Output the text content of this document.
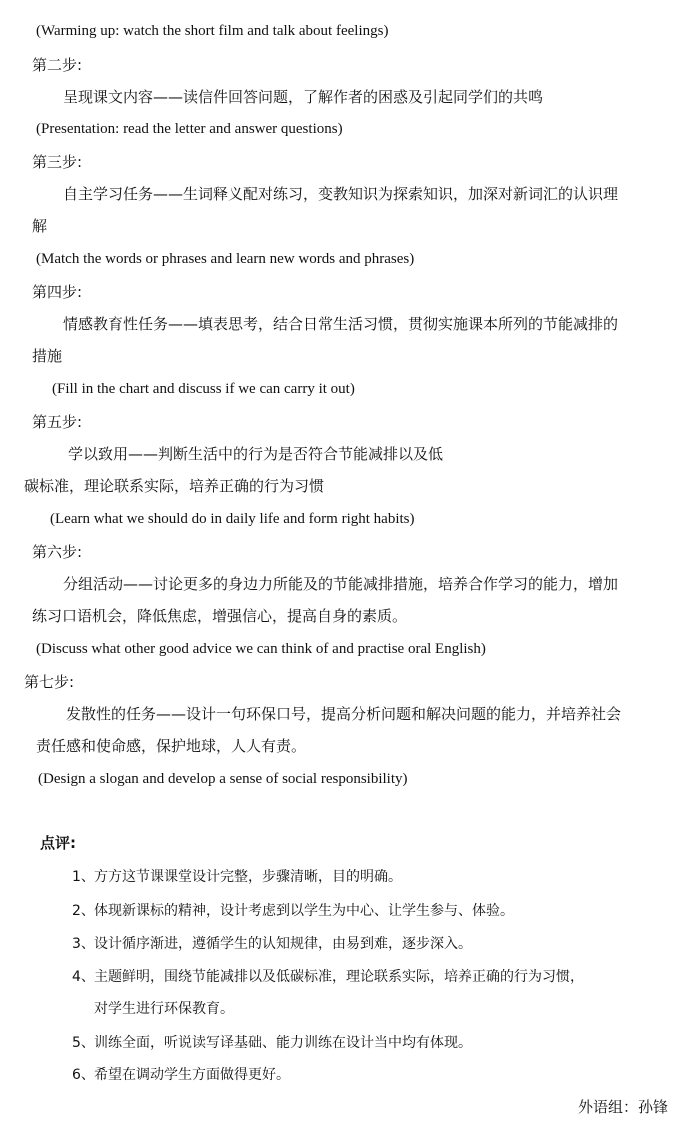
(Warming up: watch the short film and talk about feelings)
第二步:
呈现课文内容——读信件回答问题，了解作者的困惑及引起同学们的共鸣
(Presentation: read the letter and answer questions)
第三步:
自主学习任务——生词释义配对练习，变教知识为探索知识，加深对新词汇的认识理
解
(Match the words or phrases and learn new words and phrases)
第四步:
情感教育性任务——填表思考，结合日常生活习惯，贯彻实施课本所列的节能减排的
措施
(Fill in the chart and discuss if we can carry it out)
第五步:
学以致用——判断生活中的行为是否符合节能减排以及低
碳标准，理论联系实际，培养正确的行为习惯
(Learn what we should do in daily life and form right habits)
第六步:
分组活动——讨论更多的身边力所能及的节能减排措施，培养合作学习的能力，增加
练习口语机会，降低焦虑，增强信心，提高自身的素质。
(Discuss what other good advice we can think of and practise oral English)
第七步:
发散性的任务——设计一句环保口号，提高分析问题和解决问题的能力，并培养社会
责任感和使命感，保护地球，人人有责。
(Design a slogan and develop a sense of social responsibility)
点评:
1、方方这节课课堂设计完整，步骤清晰，目的明确。
2、体现新课标的精神，设计考虑到以学生为中心、让学生参与、体验。
3、设计循序渐进，遵循学生的认知规律，由易到难，逐步深入。
4、主题鲜明，围绕节能减排以及低碳标准，理论联系实际，培养正确的行为习惯，
对学生进行环保教育。
5、训练全面，听说读写译基础、能力训练在设计当中均有体现。
6、希望在调动学生方面做得更好。
外语组：孙锋
